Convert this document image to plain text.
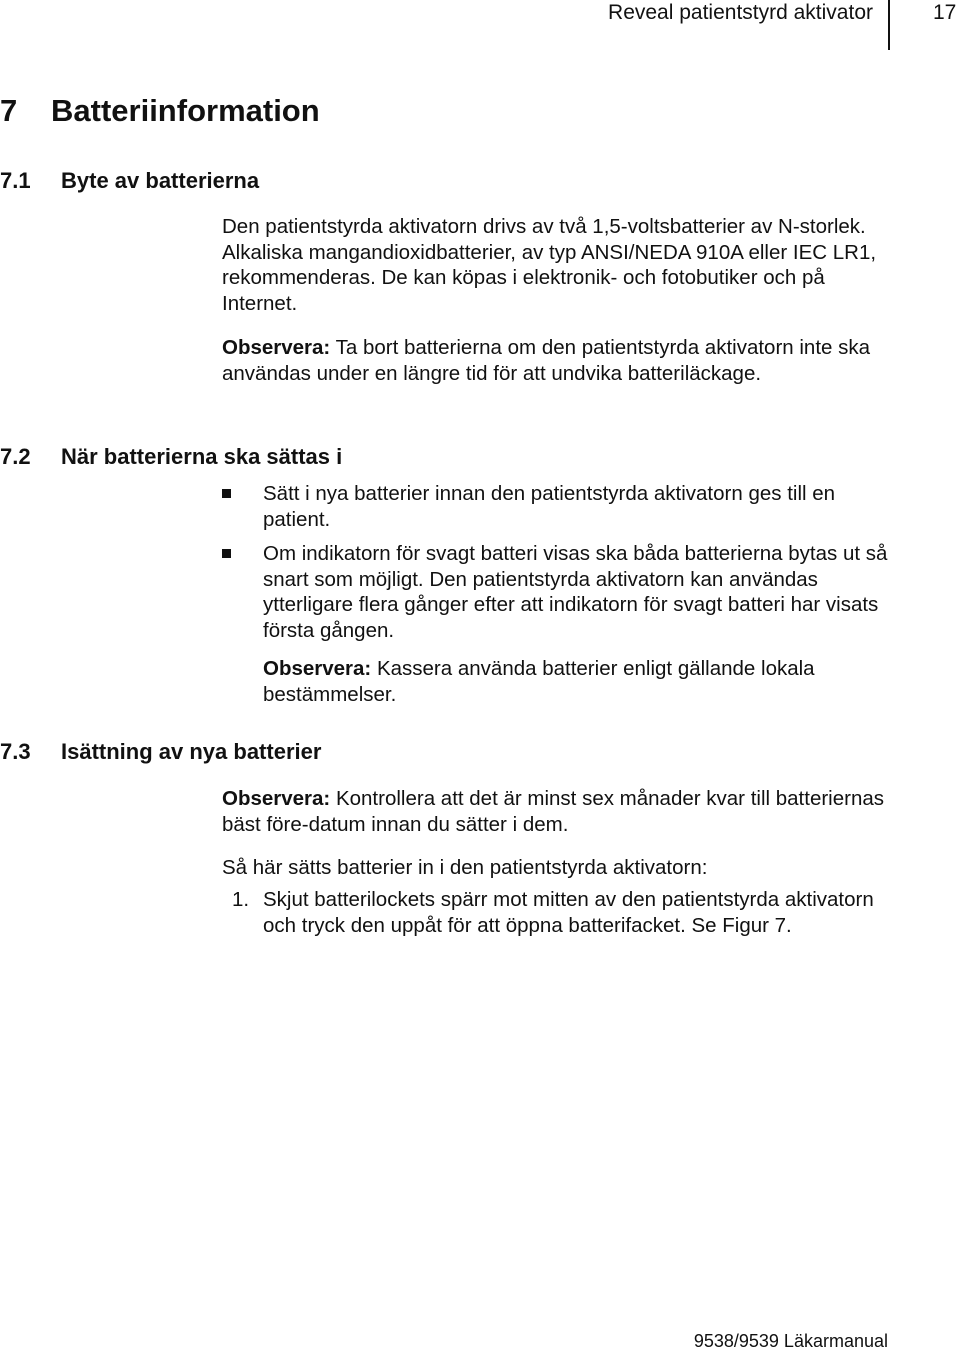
Reveal patientstyrd aktivator	17
7 Batteriinformation
7.1 Byte av batterierna
Den patientstyrda aktivatorn drivs av två 1,5-voltsbatterier av N-storlek. Alkaliska mangandioxidbatterier, av typ ANSI/NEDA 910A eller IEC LR1, rekommenderas. De kan köpas i elektronik- och fotobutiker och på Internet.
Observera: Ta bort batterierna om den patientstyrda aktivatorn inte ska användas under en längre tid för att undvika batteriläckage.
7.2 När batterierna ska sättas i
Sätt i nya batterier innan den patientstyrda aktivatorn ges till en patient.
Om indikatorn för svagt batteri visas ska båda batterierna bytas ut så snart som möjligt. Den patientstyrda aktivatorn kan användas ytterligare flera gånger efter att indikatorn för svagt batteri har visats första gången.
Observera: Kassera använda batterier enligt gällande lokala bestämmelser.
7.3 Isättning av nya batterier
Observera: Kontrollera att det är minst sex månader kvar till batteriernas bäst före-datum innan du sätter i dem.
Så här sätts batterier in i den patientstyrda aktivatorn:
1. Skjut batterilockets spärr mot mitten av den patientstyrda aktivatorn och tryck den uppåt för att öppna batterifacket. Se Figur 7.
9538/9539 Läkarmanual
